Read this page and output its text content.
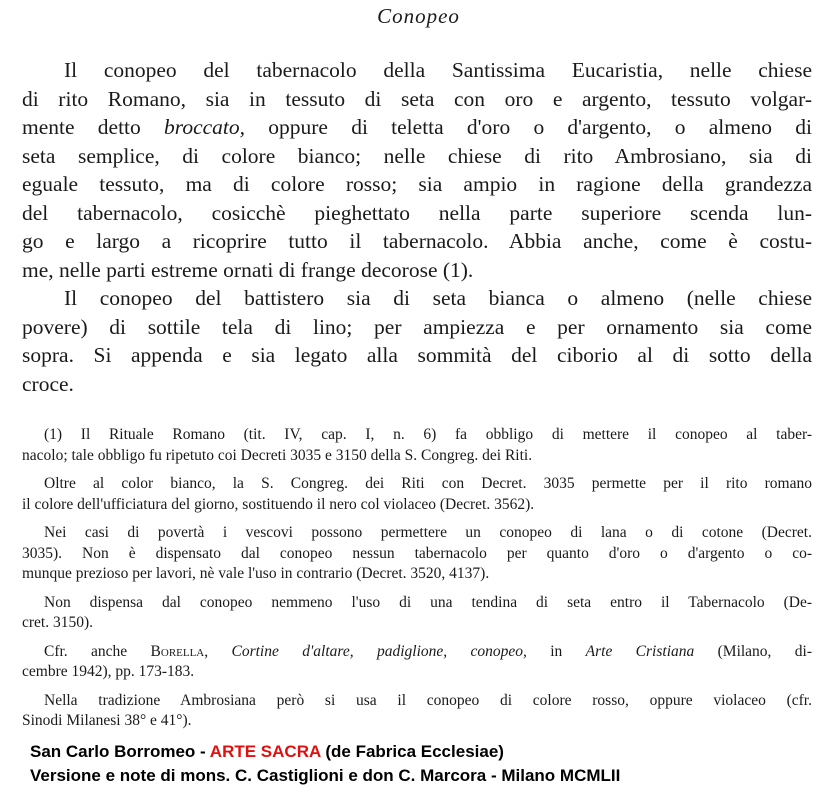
Conopeo
Il conopeo del tabernacolo della Santissima Eucaristia, nelle chiese
di rito Romano, sia in tessuto di seta con oro e argento, tessuto volgar-
mente detto broccato, oppure di teletta d'oro o d'argento, o almeno di
seta semplice, di colore bianco; nelle chiese di rito Ambrosiano, sia di
eguale tessuto, ma di colore rosso; sia ampio in ragione della grandezza
del tabernacolo, cosicchè pieghettato nella parte superiore scenda lun-
go e largo a ricoprire tutto il tabernacolo. Abbia anche, come è costu-
me, nelle parti estreme ornati di frange decorose (1).
Il conopeo del battistero sia di seta bianca o almeno (nelle chiese
povere) di sottile tela di lino; per ampiezza e per ornamento sia come
sopra. Si appenda e sia legato alla sommità del ciborio al di sotto della
croce.
(1) Il Rituale Romano (tit. IV, cap. I, n. 6) fa obbligo di mettere il conopeo al taber-
nacolo; tale obbligo fu ripetuto coi Decreti 3035 e 3150 della S. Congreg. dei Riti.
Oltre al color bianco, la S. Congreg. dei Riti con Decret. 3035 permette per il rito romano
il colore dell'ufficiatura del giorno, sostituendo il nero col violaceo (Decret. 3562).
Nei casi di povertà i vescovi possono permettere un conopeo di lana o di cotone (Decret.
3035). Non è dispensato dal conopeo nessun tabernacolo per quanto d'oro o d'argento o co-
munque prezioso per lavori, nè vale l'uso in contrario (Decret. 3520, 4137).
Non dispensa dal conopeo nemmeno l'uso di una tendina di seta entro il Tabernacolo (De-
cret. 3150).
Cfr. anche Borella, Cortine d'altare, padiglione, conopeo, in Arte Cristiana (Milano, di-
cembre 1942), pp. 173-183.
Nella tradizione Ambrosiana però si usa il conopeo di colore rosso, oppure violaceo (cfr.
Sinodi Milanesi 38° e 41°).
San Carlo Borromeo - ARTE SACRA (de Fabrica Ecclesiae)
Versione e note di mons. C. Castiglioni e don C. Marcora - Milano MCMLII
